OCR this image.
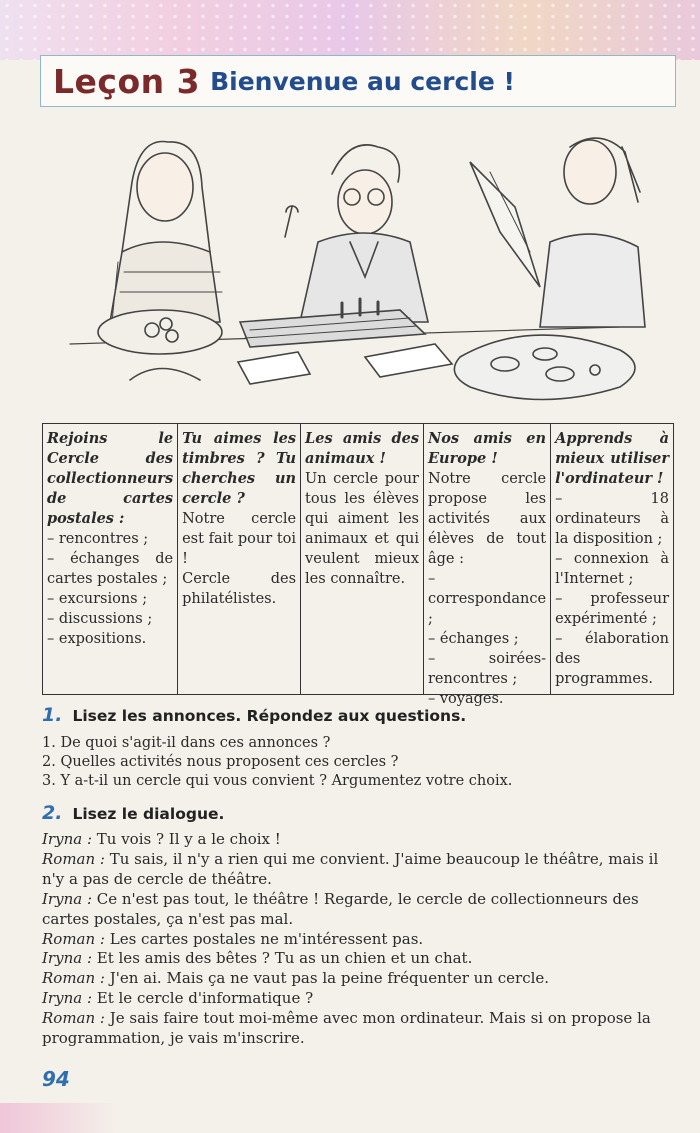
Leçon 3 Bienvenue au cercle !
Rejoins le Cercle des collectionneurs de cartes postales :
– rencontres ;
– échanges de cartes postales ;
– excursions ;
– discussions ;
– expositions.
Tu aimes les timbres ? Tu cherches un cercle ?
Notre cercle est fait pour toi !
Cercle des philatélistes.
Les amis des animaux !
Un cercle pour tous les élèves qui aiment les animaux et qui veulent mieux les connaître.
Nos amis en Europe !
Notre cercle propose les activités aux élèves de tout âge :
– correspondance ;
– échanges ;
– soirées-rencontres ;
– voyages.
Apprends à mieux utiliser l'ordinateur !
– 18 ordinateurs à la disposition ;
– connexion à l'Internet ;
– professeur expérimenté ;
– élaboration des programmes.
1. Lisez les annonces. Répondez aux questions.
1. De quoi s'agit-il dans ces annonces ?
2. Quelles activités nous proposent ces cercles ?
3. Y a-t-il un cercle qui vous convient ? Argumentez votre choix.
2. Lisez le dialogue.
Iryna : Tu vois ? Il y a le choix !
Roman : Tu sais, il n'y a rien qui me convient. J'aime beaucoup le théâtre, mais il n'y a pas de cercle de théâtre.
Iryna : Ce n'est pas tout, le théâtre ! Regarde, le cercle de collectionneurs des cartes postales, ça n'est pas mal.
Roman : Les cartes postales ne m'intéressent pas.
Iryna : Et les amis des bêtes ? Tu as un chien et un chat.
Roman : J'en ai. Mais ça ne vaut pas la peine fréquenter un cercle.
Iryna : Et le cercle d'informatique ?
Roman : Je sais faire tout moi-même avec mon ordinateur. Mais si on propose la programmation, je vais m'inscrire.
94
